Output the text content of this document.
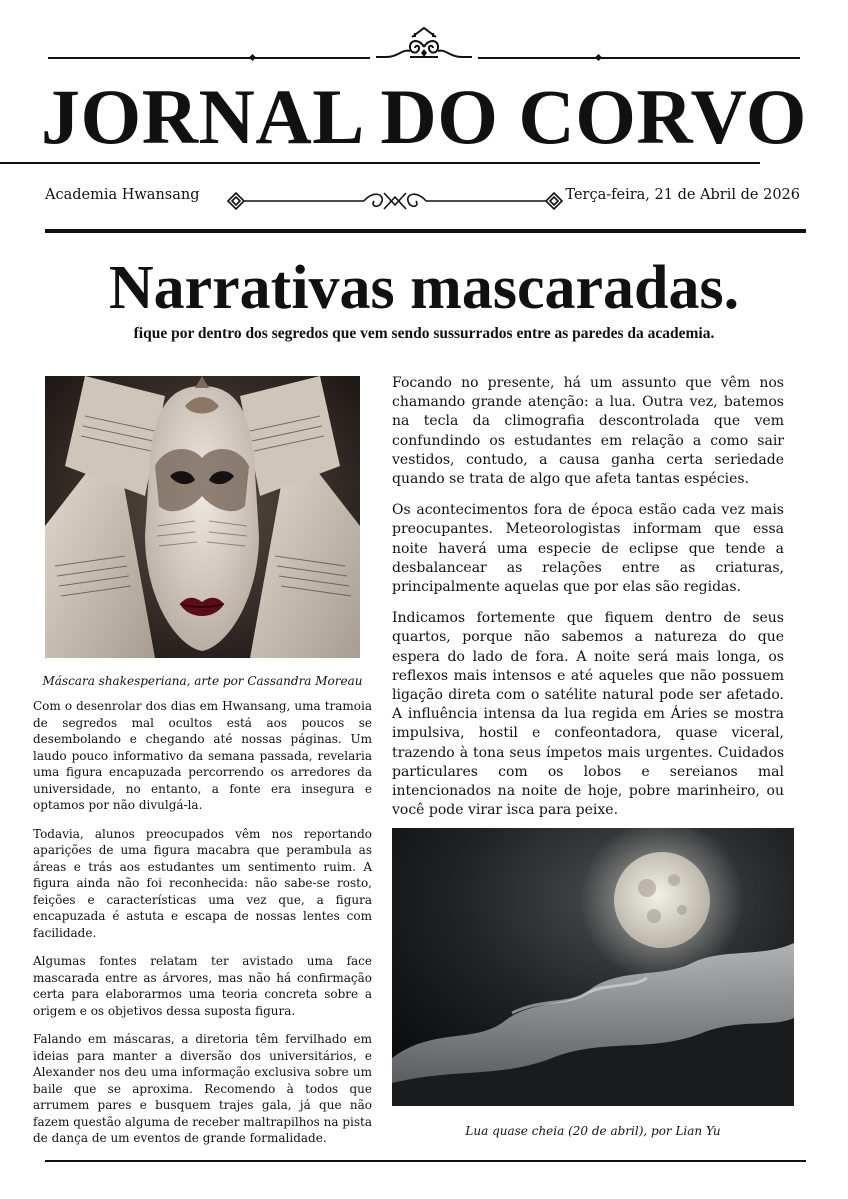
JORNAL DO CORVO
Academia Hwansang	Terça-feira, 21 de Abril de 2026
Narrativas mascaradas.
fique por dentro dos segredos que vem sendo sussurrados entre as paredes da academia.
Máscara shakesperiana, arte por Cassandra Moreau

Com o desenrolar dos dias em Hwansang, uma tramoia de segredos mal ocultos está aos poucos se desembolando e chegando até nossas páginas. Um laudo pouco informativo da semana passada, revelaria uma figura encapuzada percorrendo os arredores da universidade, no entanto, a fonte era insegura e optamos por não divulgá-la.

Todavia, alunos preocupados vêm nos reportando aparições de uma figura macabra que perambula as áreas e trás aos estudantes um sentimento ruim. A figura ainda não foi reconhecida: não sabe-se rosto, feições e características uma vez que, a figura encapuzada é astuta e escapa de nossas lentes com facilidade.

Algumas fontes relatam ter avistado uma face mascarada entre as árvores, mas não há confirmação certa para elaborarmos uma teoria concreta sobre a origem e os objetivos dessa suposta figura.

Falando em máscaras, a diretoria têm fervilhado em ideias para manter a diversão dos universitários, e Alexander nos deu uma informação exclusiva sobre um baile que se aproxima. Recomendo à todos que arrumem pares e busquem trajes gala, já que não fazem questão alguma de receber maltrapilhos na pista de dança de um eventos de grande formalidade.

Focando no presente, há um assunto que vêm nos chamando grande atenção: a lua. Outra vez, batemos na tecla da climografia descontrolada que vem confundindo os estudantes em relação a como sair vestidos, contudo, a causa ganha certa seriedade quando se trata de algo que afeta tantas espécies.

Os acontecimentos fora de época estão cada vez mais preocupantes. Meteorologistas informam que essa noite haverá uma especie de eclipse que tende a desbalancear as relações entre as criaturas, principalmente aquelas que por elas são regidas.

Indicamos fortemente que fiquem dentro de seus quartos, porque não sabemos a natureza do que espera do lado de fora. A noite será mais longa, os reflexos mais intensos e até aqueles que não possuem ligação direta com o satélite natural pode ser afetado. A influência intensa da lua regida em Áries se mostra impulsiva, hostil e confeontadora, quase viceral, trazendo à tona seus ímpetos mais urgentes. Cuidados particulares com os lobos e sereianos mal intencionados na noite de hoje, pobre marinheiro, ou você pode virar isca para peixe.

Lua quase cheia (20 de abril), por Lian Yu
